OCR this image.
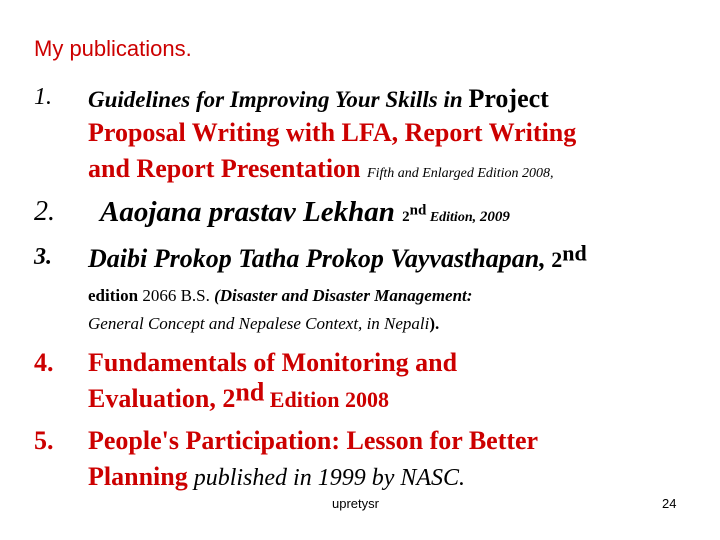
My publications.
1. Guidelines for Improving Your Skills in Project
Proposal Writing with LFA, Report Writing
and Report Presentation Fifth and Enlarged Edition 2008,
2. Aaojana prastav Lekhan 2nd Edition, 2009
3. Daibi Prokop Tatha Prokop Vayvasthapan, 2nd
edition 2066 B.S. (Disaster and Disaster Management:
General Concept and Nepalese Context, in Nepali).
4. Fundamentals of Monitoring and
Evaluation, 2nd Edition 2008
5. People's Participation: Lesson for Better
Planning published in 1999 by NASC.
upretysr	24
